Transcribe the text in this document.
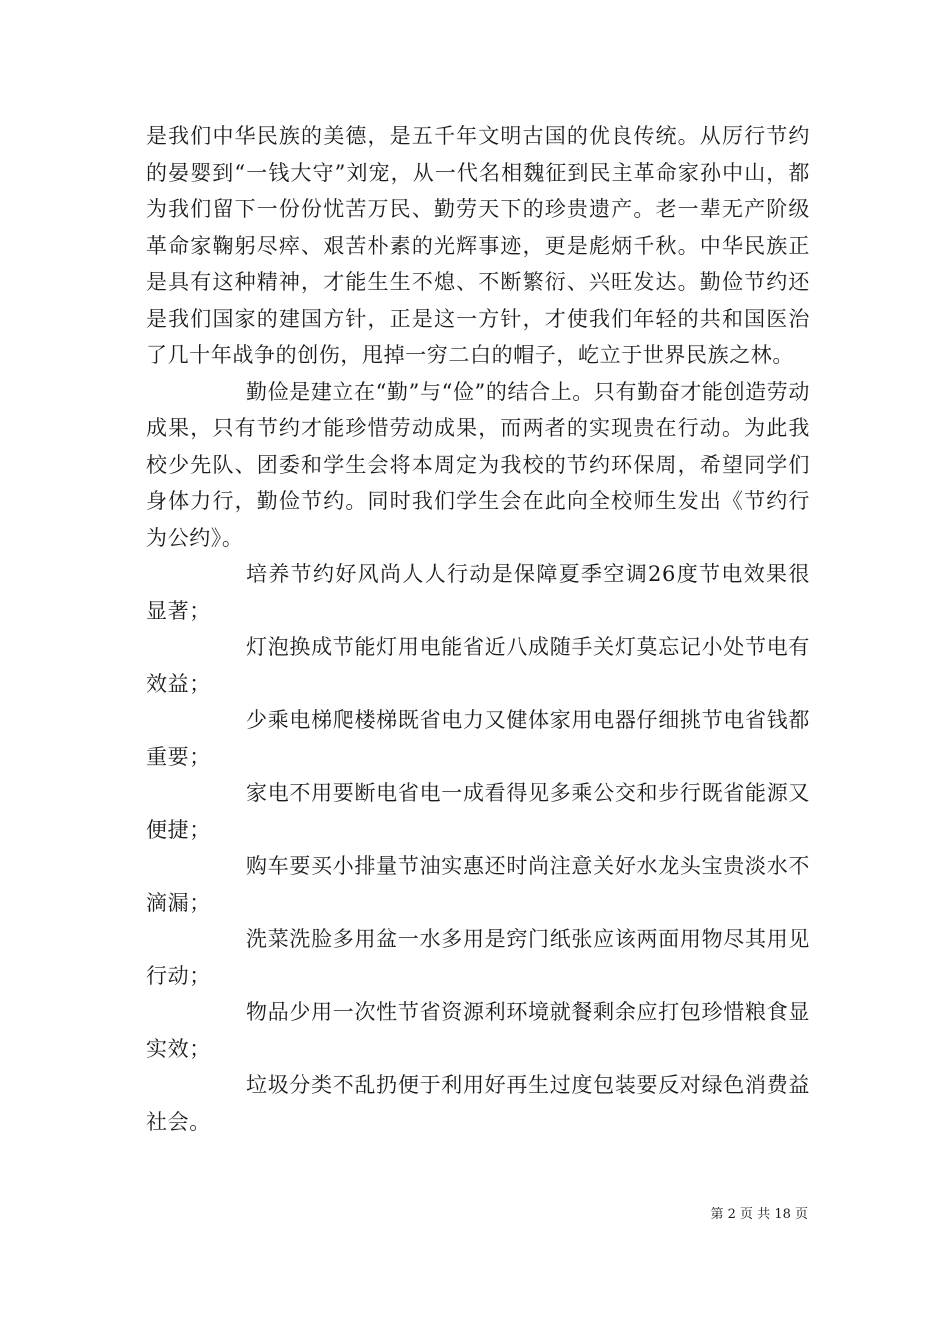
是我们中华民族的美德，是五千年文明古国的优良传统。从厉行节约的晏婴到“一钱大守”刘宠，从一代名相魏征到民主革命家孙中山，都为我们留下一份份忧苦万民、勤劳天下的珍贵遗产。老一辈无产阶级革命家鞠躬尽瘁、艰苦朴素的光辉事迹，更是彪炳千秋。中华民族正是具有这种精神，才能生生不熄、不断繁衍、兴旺发达。勤俭节约还是我们国家的建国方针，正是这一方针，才使我们年轻的共和国医治了几十年战争的创伤，甩掉一穷二白的帽子，屹立于世界民族之林。

勤俭是建立在“勤”与“俭”的结合上。只有勤奋才能创造劳动成果，只有节约才能珍惜劳动成果，而两者的实现贵在行动。为此我校少先队、团委和学生会将本周定为我校的节约环保周，希望同学们身体力行，勤俭节约。同时我们学生会在此向全校师生发出《节约行为公约》。

培养节约好风尚人人行动是保障夏季空调26度节电效果很显著；

灯泡换成节能灯用电能省近八成随手关灯莫忘记小处节电有效益；

少乘电梯爬楼梯既省电力又健体家用电器仔细挑节电省钱都重要；

家电不用要断电省电一成看得见多乘公交和步行既省能源又便捷；

购车要买小排量节油实惠还时尚注意关好水龙头宝贵淡水不滴漏；

洗菜洗脸多用盆一水多用是窍门纸张应该两面用物尽其用见行动；

物品少用一次性节省资源利环境就餐剩余应打包珍惜粮食显实效；

垃圾分类不乱扔便于利用好再生过度包装要反对绿色消费益社会。

第 2 页 共 18 页
